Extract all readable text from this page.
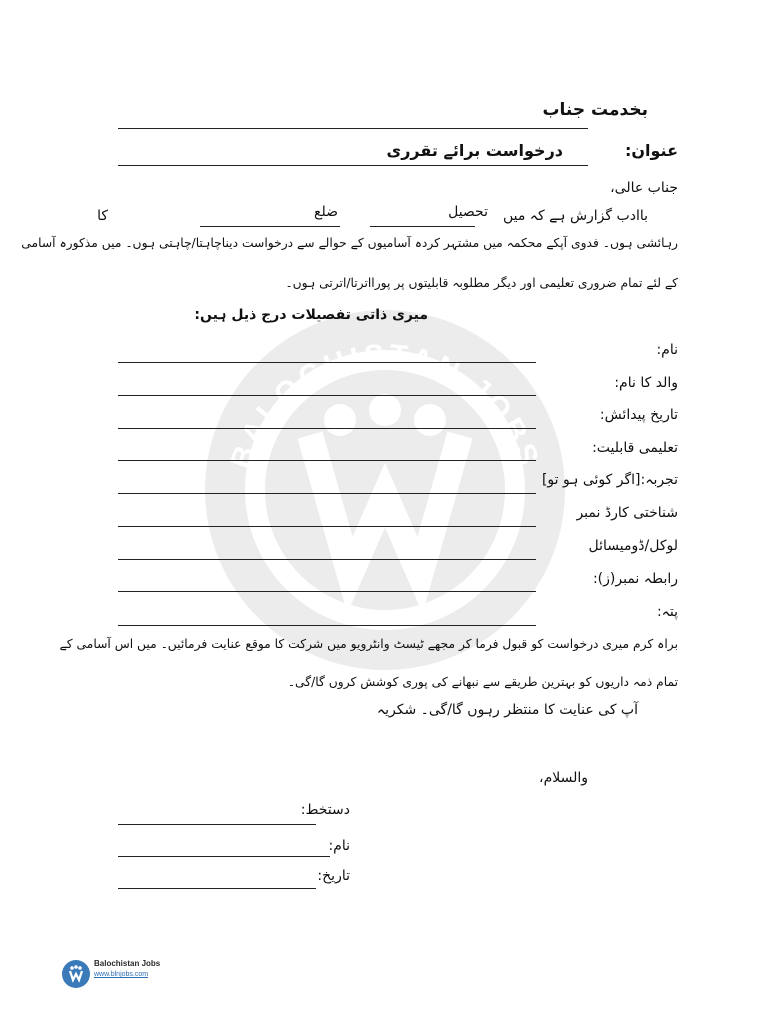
BALOCHISTAN JOBS
بخدمت جناب
عنوان:
درخواست برائے تقرری
جناب عالی،
باادب گزارش ہے کہ میں
تحصیل
ضلع
کا
رہائشی ہوں۔ فدوی آپکے محکمہ میں مشتہر کردہ آسامیوں کے حوالے سے درخواست دیناچاہتا/چاہتی ہوں۔ میں مذکورہ آسامی
کے لئے تمام ضروری تعلیمی اور دیگر مطلوبہ قابلیتوں پر پورااترتا/اترتی ہوں۔
میری ذاتی تفصیلات درج ذیل ہیں:
نام:
والد کا نام:
تاریخ پیدائش:
تعلیمی قابلیت:
تجربہ:[اگر کوئی ہو تو]
شناختی کارڈ نمبر
لوکل/ڈومیسائل
رابطہ نمبر(ز):
پتہ:
براہ کرم میری درخواست کو قبول فرما کر مجھے ٹیسٹ وانٹرویو میں شرکت کا موقع عنایت فرمائیں۔ میں اس آسامی کے
تمام ذمہ داریوں کو بہترین طریقے سے نبھانے کی پوری کوشش کروں گا/گی۔
آپ کی عنایت کا منتظر رہوں گا/گی۔ شکریہ
والسلام،
دستخط:
نام:
تاریخ:
Balochistan Jobs
www.blnjobs.com
